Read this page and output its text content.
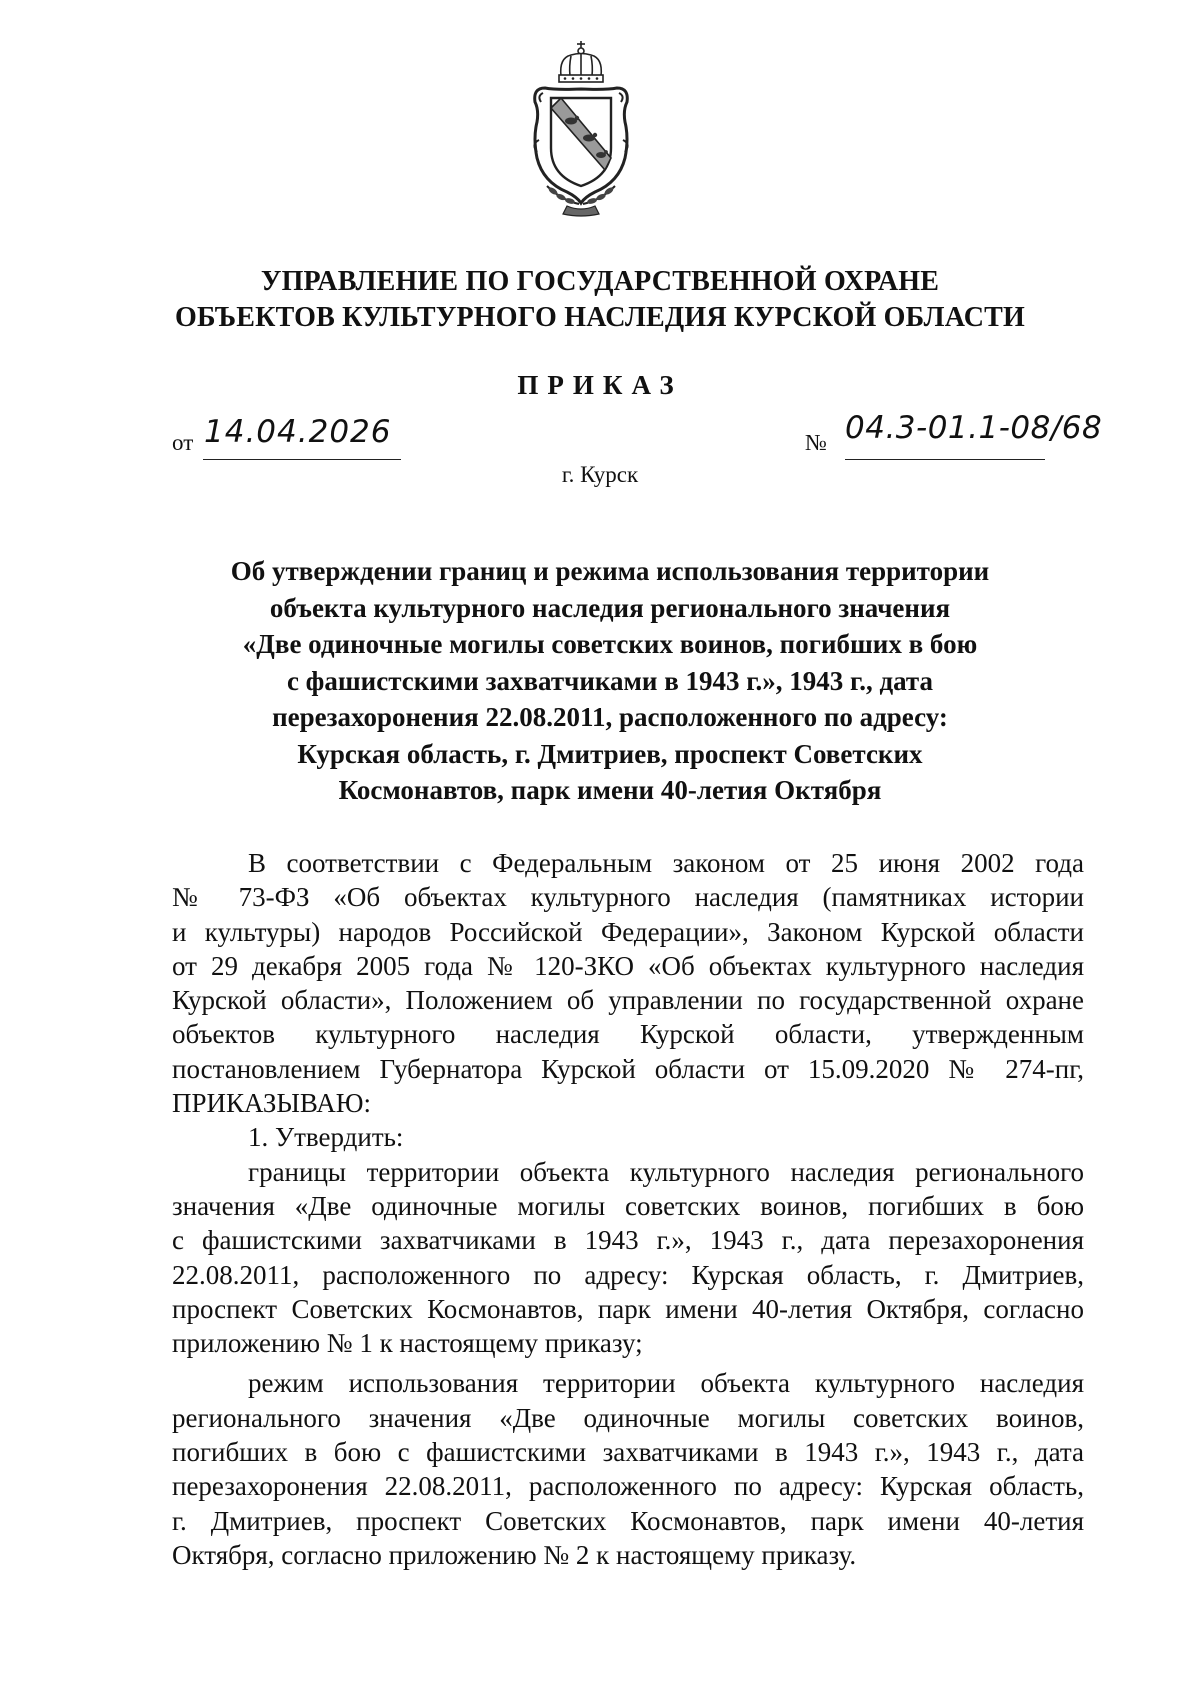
УПРАВЛЕНИЕ ПО ГОСУДАРСТВЕННОЙ ОХРАНЕ
ОБЪЕКТОВ КУЛЬТУРНОГО НАСЛЕДИЯ КУРСКОЙ ОБЛАСТИ
ПРИКАЗ
от 14.04.2026	№ 04.3-01.1-08/68
г. Курск
Об утверждении границ и режима использования территории
объекта культурного наследия регионального значения
«Две одиночные могилы советских воинов, погибших в бою
с фашистскими захватчиками в 1943 г.», 1943 г., дата
перезахоронения 22.08.2011, расположенного по адресу:
Курская область, г. Дмитриев, проспект Советских
Космонавтов, парк имени 40-летия Октября
В соответствии с Федеральным законом от 25 июня 2002 года
№ 73-ФЗ «Об объектах культурного наследия (памятниках истории
и культуры) народов Российской Федерации», Законом Курской области
от 29 декабря 2005 года № 120-ЗКО «Об объектах культурного наследия
Курской области», Положением об управлении по государственной охране
объектов культурного наследия Курской области, утвержденным
постановлением Губернатора Курской области от 15.09.2020 № 274-пг,
ПРИКАЗЫВАЮ:
1. Утвердить:
границы территории объекта культурного наследия регионального
значения «Две одиночные могилы советских воинов, погибших в бою
с фашистскими захватчиками в 1943 г.», 1943 г., дата перезахоронения
22.08.2011, расположенного по адресу: Курская область, г. Дмитриев,
проспект Советских Космонавтов, парк имени 40-летия Октября, согласно
приложению № 1 к настоящему приказу;
режим использования территории объекта культурного наследия
регионального значения «Две одиночные могилы советских воинов,
погибших в бою с фашистскими захватчиками в 1943 г.», 1943 г., дата
перезахоронения 22.08.2011, расположенного по адресу: Курская область,
г. Дмитриев, проспект Советских Космонавтов, парк имени 40-летия
Октября, согласно приложению № 2 к настоящему приказу.
